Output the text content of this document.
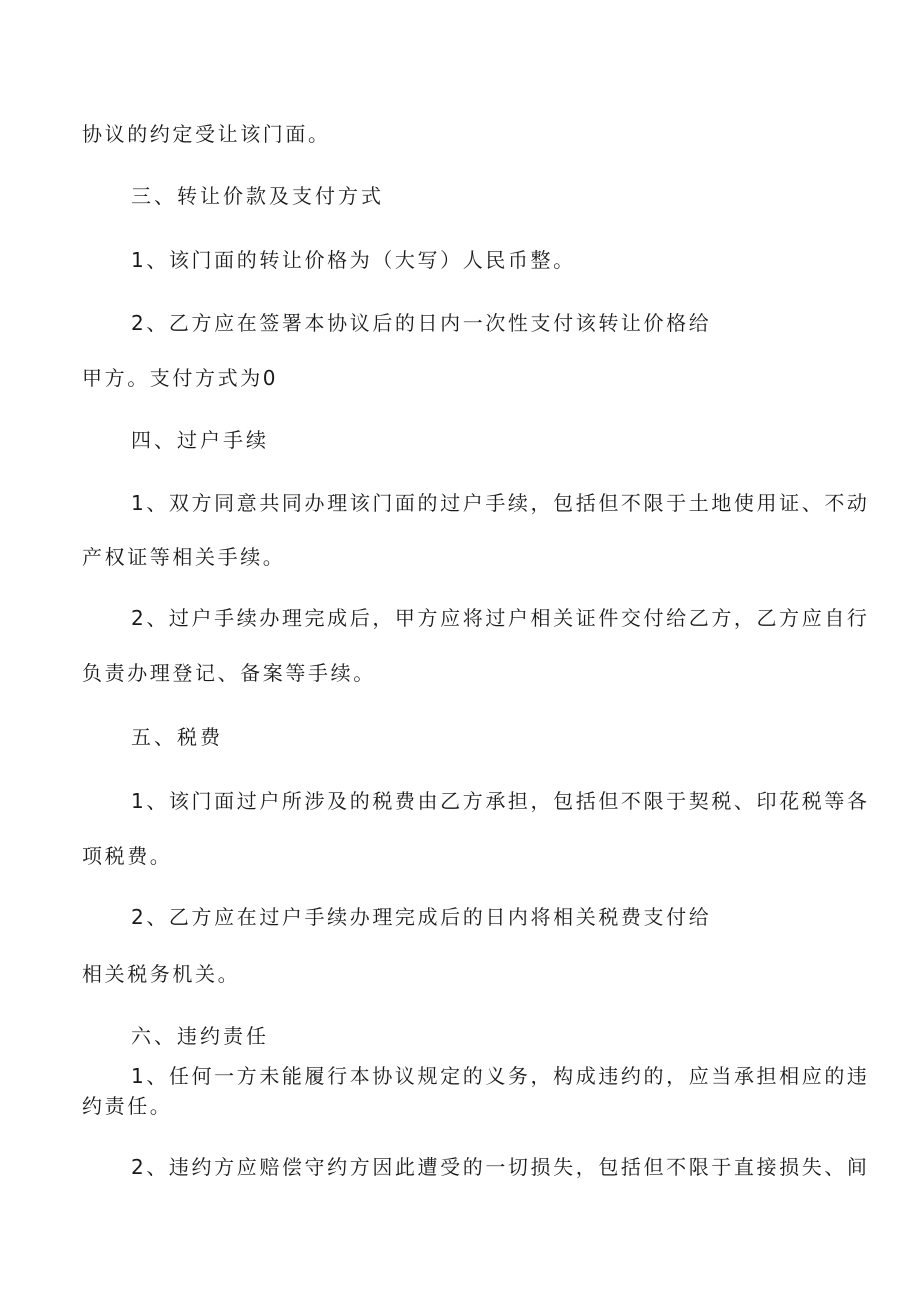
协议的约定受让该门面。

三、转让价款及支付方式

1、该门面的转让价格为（大写）人民币整。

2、乙方应在签署本协议后的日内一次性支付该转让价格给

甲方。支付方式为0

四、过户手续

1、双方同意共同办理该门面的过户手续，包括但不限于土地使用证、不动

产权证等相关手续。

2、过户手续办理完成后，甲方应将过户相关证件交付给乙方，乙方应自行

负责办理登记、备案等手续。

五、税费

1、该门面过户所涉及的税费由乙方承担，包括但不限于契税、印花税等各

项税费。

2、乙方应在过户手续办理完成后的日内将相关税费支付给

相关税务机关。

六、违约责任

1、任何一方未能履行本协议规定的义务，构成违约的，应当承担相应的违

约责任。

2、违约方应赔偿守约方因此遭受的一切损失，包括但不限于直接损失、间
